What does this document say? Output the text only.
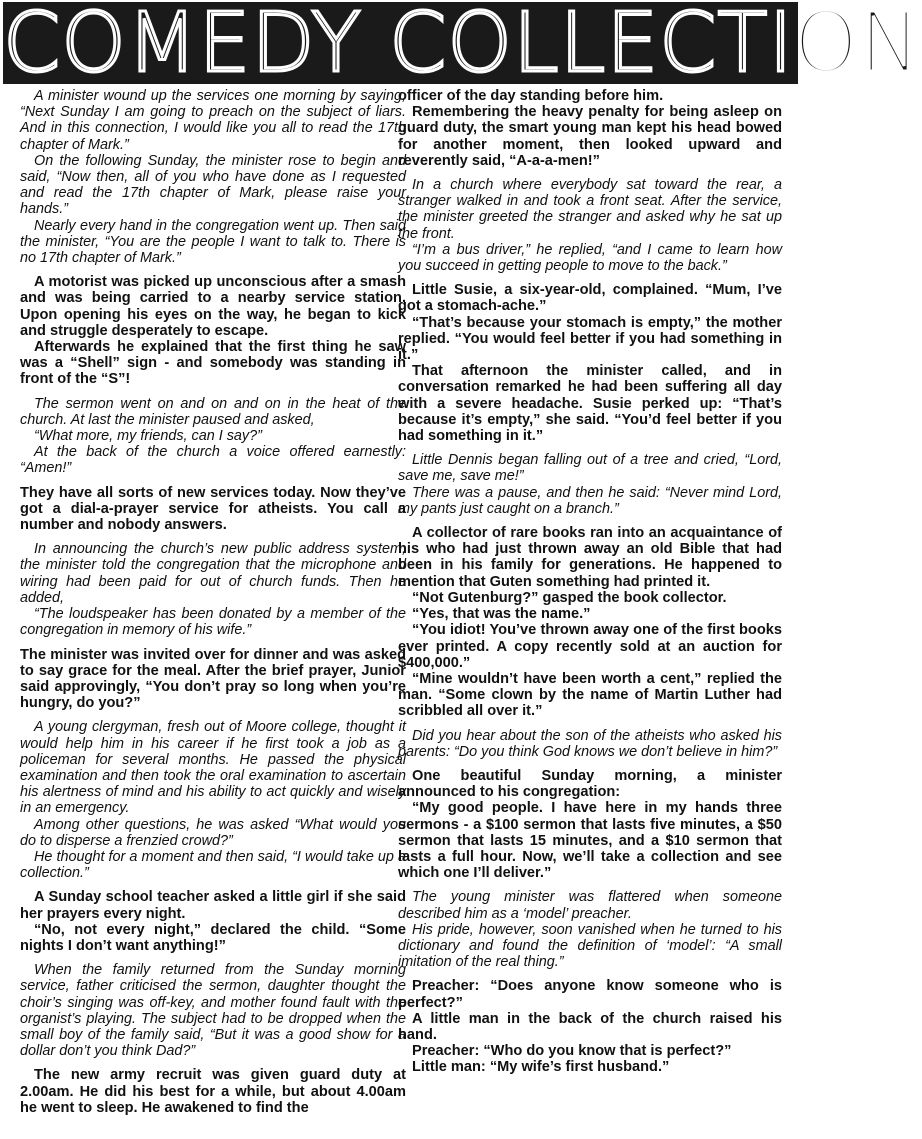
COMEDY COLLECTION

A minister wound up the services one morning by saying, “Next Sunday I am going to preach on the subject of liars. And in this connection, I would like you all to read the 17th chapter of Mark.”

On the following Sunday, the minister rose to begin and said, “Now then, all of you who have done as I requested and read the 17th chapter of Mark, please raise your hands.”

Nearly every hand in the congregation went up. Then said the minister, “You are the people I want to talk to. There is no 17th chapter of Mark.”

A motorist was picked up unconscious after a smash and was being carried to a nearby service station. Upon opening his eyes on the way, he began to kick and struggle desperately to escape.

Afterwards he explained that the first thing he saw was a “Shell” sign - and somebody was standing in front of the “S”!

The sermon went on and on and on in the heat of the church. At last the minister paused and asked,

“What more, my friends, can I say?”

At the back of the church a voice offered earnestly: “Amen!”

They have all sorts of new services today. Now they’ve got a dial-a-prayer service for atheists. You call a number and nobody answers.

In announcing the church’s new public address system, the minister told the congregation that the microphone and wiring had been paid for out of church funds. Then he added,

“The loudspeaker has been donated by a member of the congregation in memory of his wife.”

The minister was invited over for dinner and was asked to say grace for the meal. After the brief prayer, Junior said approvingly, “You don’t pray so long when you’re hungry, do you?”

A young clergyman, fresh out of Moore college, thought it would help him in his career if he first took a job as a policeman for several months. He passed the physical examination and then took the oral examination to ascertain his alertness of mind and his ability to act quickly and wisely in an emergency.

Among other questions, he was asked “What would you do to disperse a frenzied crowd?”

He thought for a moment and then said, “I would take up a collection.”

A Sunday school teacher asked a little girl if she said her prayers every night.

“No, not every night,” declared the child. “Some nights I don’t want anything!”

When the family returned from the Sunday morning service, father criticised the sermon, daughter thought the choir’s singing was off-key, and mother found fault with the organist’s playing. The subject had to be dropped when the small boy of the family said, “But it was a good show for a dollar don’t you think Dad?”

The new army recruit was given guard duty at 2.00am. He did his best for a while, but about 4.00am he went to sleep. He awakened to find the

officer of the day standing before him.

Remembering the heavy penalty for being asleep on guard duty, the smart young man kept his head bowed for another moment, then looked upward and reverently said, “A-a-a-men!”

In a church where everybody sat toward the rear, a stranger walked in and took a front seat. After the service, the minister greeted the stranger and asked why he sat up the front.

“I’m a bus driver,” he replied, “and I came to learn how you succeed in getting people to move to the back.”

Little Susie, a six-year-old, complained. “Mum, I’ve got a stomach-ache.”

“That’s because your stomach is empty,” the mother replied. “You would feel better if you had something in it.”

That afternoon the minister called, and in conversation remarked he had been suffering all day with a severe headache. Susie perked up: “That’s because it’s empty,” she said. “You’d feel better if you had something in it.”

Little Dennis began falling out of a tree and cried, “Lord, save me, save me!”

There was a pause, and then he said: “Never mind Lord, my pants just caught on a branch.”

A collector of rare books ran into an acquaintance of his who had just thrown away an old Bible that had been in his family for generations. He happened to mention that Guten something had printed it.

“Not Gutenburg?” gasped the book collector.

“Yes, that was the name.”

“You idiot! You’ve thrown away one of the first books ever printed. A copy recently sold at an auction for $400,000.”

“Mine wouldn’t have been worth a cent,” replied the man. “Some clown by the name of Martin Luther had scribbled all over it.”

Did you hear about the son of the atheists who asked his parents: “Do you think God knows we don’t believe in him?”

One beautiful Sunday morning, a minister announced to his congregation:

“My good people. I have here in my hands three sermons - a $100 sermon that lasts five minutes, a $50 sermon that lasts 15 minutes, and a $10 sermon that lasts a full hour. Now, we’ll take a collection and see which one I’ll deliver.”

The young minister was flattered when someone described him as a ‘model’ preacher.

His pride, however, soon vanished when he turned to his dictionary and found the definition of ‘model’: “A small imitation of the real thing.”

Preacher: “Does anyone know someone who is perfect?”

A little man in the back of the church raised his hand.

Preacher: “Who do you know that is perfect?”

Little man: “My wife’s first husband.”
